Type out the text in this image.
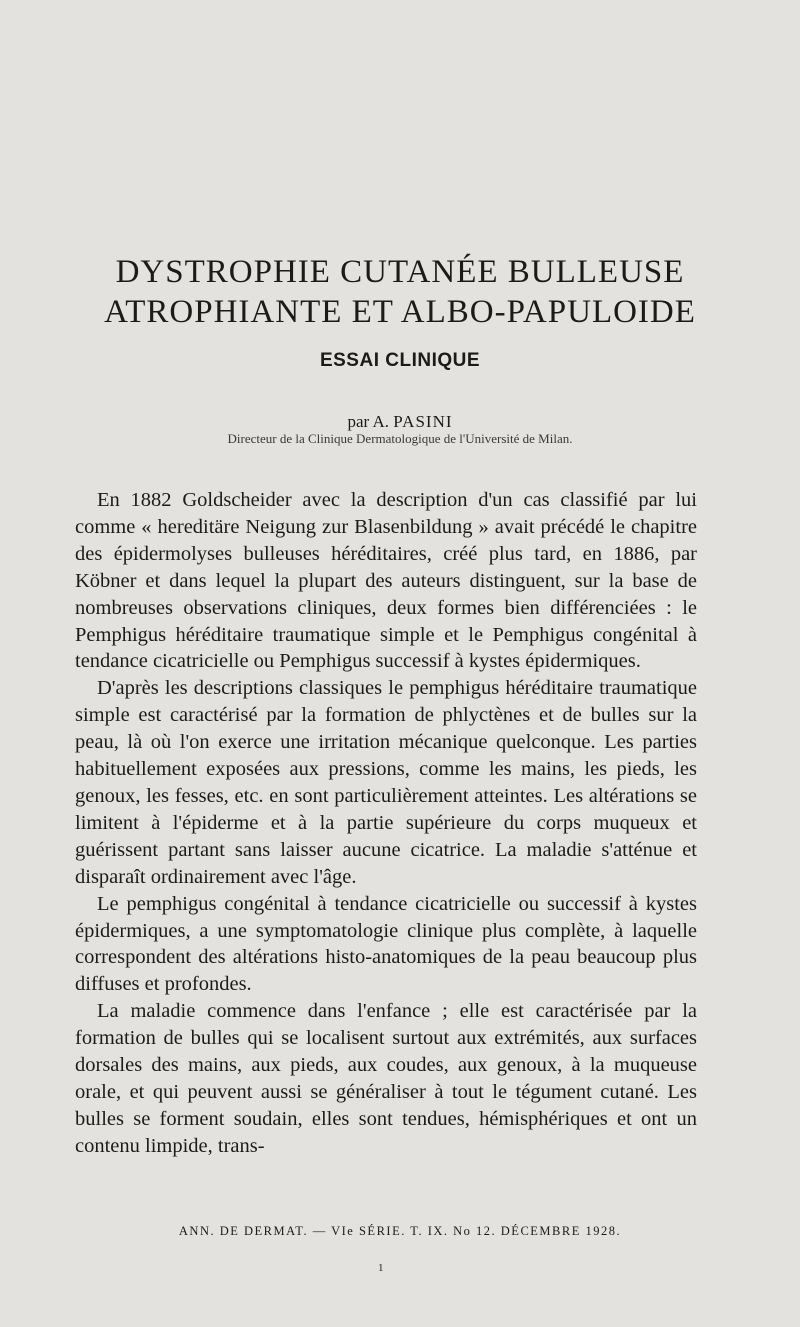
DYSTROPHIE CUTANÉE BULLEUSE
ATROPHIANTE ET ALBO-PAPULOIDE
ESSAI CLINIQUE
par A. PASINI
Directeur de la Clinique Dermatologique de l'Université de Milan.

En 1882 Goldscheider avec la description d'un cas classifié par lui comme « hereditäre Neigung zur Blasenbildung » avait précédé le chapitre des épidermolyses bulleuses héréditaires, créé plus tard, en 1886, par Köbner et dans lequel la plupart des auteurs distinguent, sur la base de nombreuses observations cliniques, deux formes bien différenciées : le Pemphigus héréditaire traumatique simple et le Pemphigus congénital à tendance cicatricielle ou Pemphigus successif à kystes épidermiques.

D'après les descriptions classiques le pemphigus héréditaire traumatique simple est caractérisé par la formation de phlyctènes et de bulles sur la peau, là où l'on exerce une irritation mécanique quelconque. Les parties habituellement exposées aux pressions, comme les mains, les pieds, les genoux, les fesses, etc. en sont particulièrement atteintes. Les altérations se limitent à l'épiderme et à la partie supérieure du corps muqueux et guérissent partant sans laisser aucune cicatrice. La maladie s'atténue et disparaît ordinairement avec l'âge.

Le pemphigus congénital à tendance cicatricielle ou successif à kystes épidermiques, a une symptomatologie clinique plus complète, à laquelle correspondent des altérations histo-anatomiques de la peau beaucoup plus diffuses et profondes.

La maladie commence dans l'enfance ; elle est caractérisée par la formation de bulles qui se localisent surtout aux extrémités, aux surfaces dorsales des mains, aux pieds, aux coudes, aux genoux, à la muqueuse orale, et qui peuvent aussi se généraliser à tout le tégument cutané. Les bulles se forment soudain, elles sont tendues, hémisphériques et ont un contenu limpide, trans-

ANN. DE DERMAT. — VIe SÉRIE. T. IX. No 12. DÉCEMBRE 1928.
1
